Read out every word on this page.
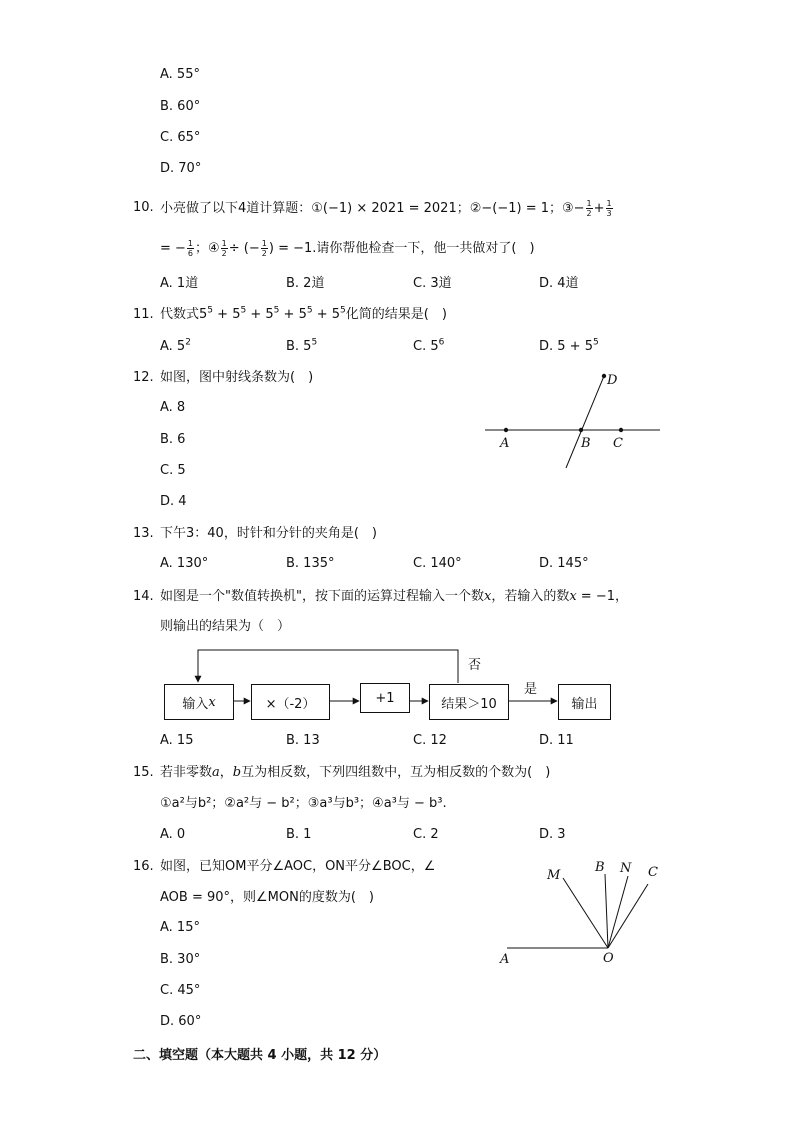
A. 55°
B. 60°
C. 65°
D. 70°
10. 小亮做了以下4道计算题：①(−1) × 2021 = 2021；②−(−1) = 1；③− $\frac{1}{2} + \frac{1}{3}$
= − $\frac{1}{6}$ ；④ $\frac{1}{2}$ ÷ (− $\frac{1}{2}$ ) = −1.请你帮他检查一下，他一共做对了(　)
A. 1道	B. 2道	C. 3道	D. 4道
11. 代数式$5^5 + 5^5 + 5^5 + 5^5 + 5^5$化简的结果是(　)
A. $5^2$	B. $5^5$	C. $5^6$	D. $5 + 5^5$
12. 如图，图中射线条数为(　)
A. 8
B. 6
C. 5
D. 4
A	B C
D
13. 下午3：40，时针和分针的夹角是(　)
A. 130°	B. 135°	C. 140°	D. 145°
14. 如图是一个"数值转换机"，按下面的运算过程输入一个数x，若输入的数x = −1，
则输出的结果为（　）
输入 x	×（-2）	+1	结果＞10	输出
否
是
A. 15	B. 13	C. 12	D. 11
15. 若非零数a，b互为相反数，下列四组数中，互为相反数的个数为(　)
①a²与b²；②a²与 − b²；③a³与b³；④a³与 − b³.
A. 0	B. 1	C. 2	D. 3
16. 如图，已知OM平分∠AOC，ON平分∠BOC，∠
AOB = 90°，则∠MON的度数为(　)
A. 15°
B. 30°
C. 45°
D. 60°
M
B N C
A	O
二、填空题（本大题共 4 小题，共 12 分）
